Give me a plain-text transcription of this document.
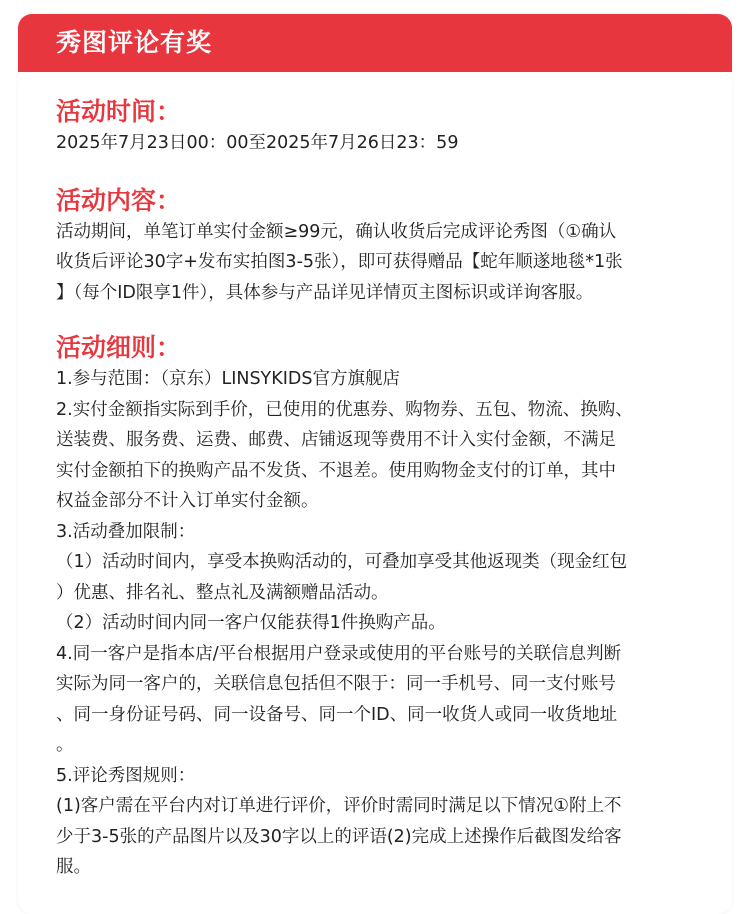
秀图评论有奖

活动时间：

2025年7月23日00：00至2025年7月26日23：59

活动内容：

活动期间，单笔订单实付金额≥99元，确认收货后完成评论秀图（①确认

收货后评论30字+发布实拍图3-5张），即可获得赠品【蛇年顺遂地毯*1张

】（每个ID限享1件），具体参与产品详见详情页主图标识或详询客服。

活动细则：

1.参与范围：（京东）LINSYKIDS官方旗舰店

2.实付金额指实际到手价，已使用的优惠券、购物券、五包、物流、换购、

送装费、服务费、运费、邮费、店铺返现等费用不计入实付金额，不满足

实付金额拍下的换购产品不发货、不退差。使用购物金支付的订单，其中

权益金部分不计入订单实付金额。

3.活动叠加限制：

（1）活动时间内，享受本换购活动的，可叠加享受其他返现类（现金红包

）优惠、排名礼、整点礼及满额赠品活动。

（2）活动时间内同一客户仅能获得1件换购产品。

4.同一客户是指本店/平台根据用户登录或使用的平台账号的关联信息判断

实际为同一客户的，关联信息包括但不限于：同一手机号、同一支付账号

、同一身份证号码、同一设备号、同一个ID、同一收货人或同一收货地址

。

5.评论秀图规则：

(1)客户需在平台内对订单进行评价，评价时需同时满足以下情况①附上不

少于3-5张的产品图片以及30字以上的评语(2)完成上述操作后截图发给客

服。
